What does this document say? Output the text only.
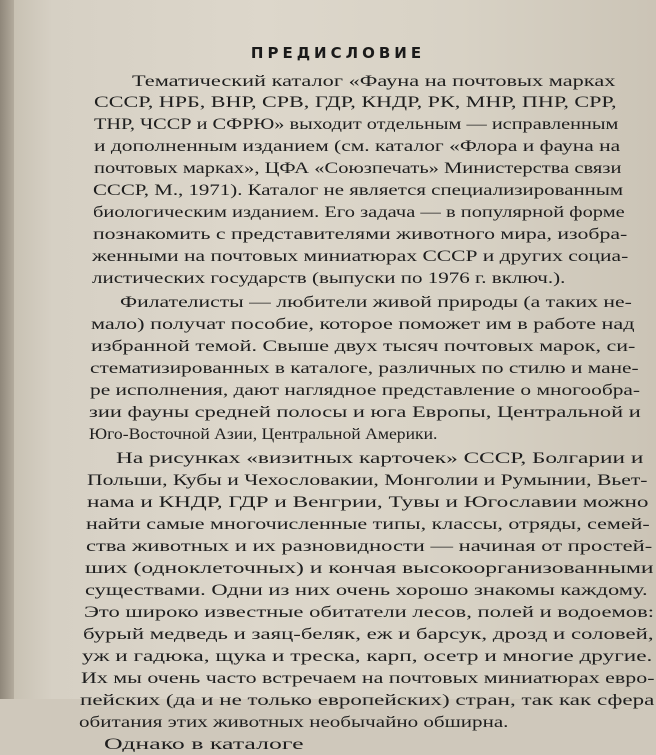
ПРЕДИСЛОВИЕ
Тематический каталог «Фауна на почтовых марках
СССР, НРБ, ВНР, СРВ, ГДР, КНДР, РК, МНР, ПНР, СРР,
ТНР, ЧССР и СФРЮ» выходит отдельным — исправленным
и дополненным изданием (см. каталог «Флора и фауна на
почтовых марках», ЦФА «Союзпечать» Министерства связи
СССР, М., 1971). Каталог не является специализированным
биологическим изданием. Его задача — в популярной форме
познакомить с представителями животного мира, изобра-
женными на почтовых миниатюрах СССР и других социа-
листических государств (выпуски по 1976 г. включ.).
Филателисты — любители живой природы (а таких не-
мало) получат пособие, которое поможет им в работе над
избранной темой. Свыше двух тысяч почтовых марок, си-
стематизированных в каталоге, различных по стилю и мане-
ре исполнения, дают наглядное представление о многообра-
зии фауны средней полосы и юга Европы, Центральной и
Юго-Восточной Азии, Центральной Америки.
На рисунках «визитных карточек» СССР, Болгарии и
Польши, Кубы и Чехословакии, Монголии и Румынии, Вьет-
нама и КНДР, ГДР и Венгрии, Тувы и Югославии можно
найти самые многочисленные типы, классы, отряды, семей-
ства животных и их разновидности — начиная от простей-
ших (одноклеточных) и кончая высокоорганизованными
существами. Одни из них очень хорошо знакомы каждому.
Это широко известные обитатели лесов, полей и водоемов:
бурый медведь и заяц-беляк, еж и барсук, дрозд и соловей,
уж и гадюка, щука и треска, карп, осетр и многие другие.
Их мы очень часто встречаем на почтовых миниатюрах евро-
пейских (да и не только европейских) стран, так как сфера
обитания этих животных необычайно обширна.
Однако в каталоге
